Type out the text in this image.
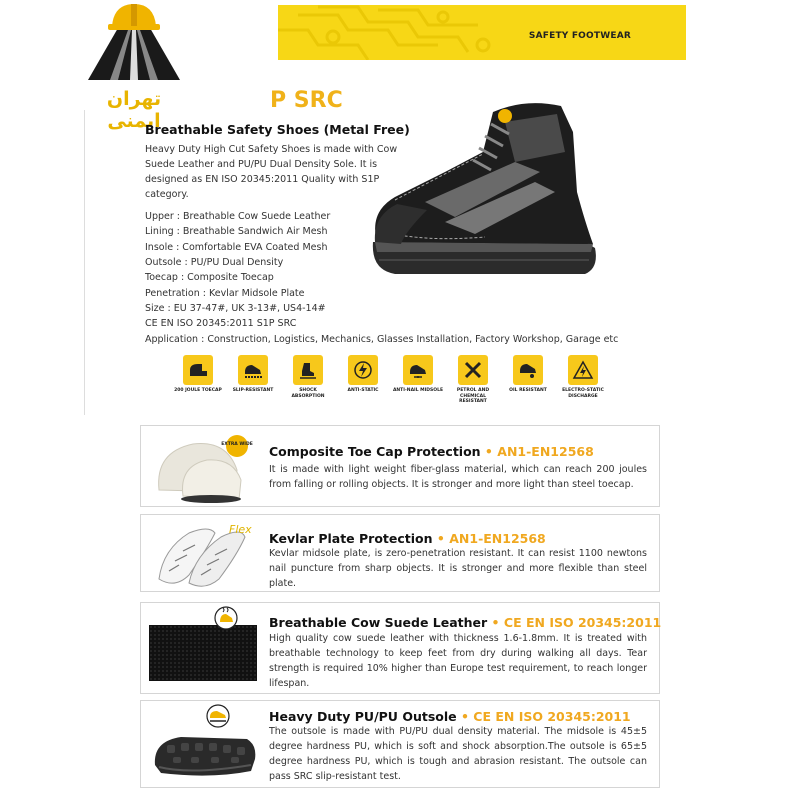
تهران ایمنی
SAFETY FOOTWEAR
P SRC
Breathable Safety Shoes (Metal Free)
Heavy Duty High Cut Safety Shoes is made with Cow Suede Leather and PU/PU Dual Density Sole. It is designed as EN ISO 20345:2011 Quality with S1P category.
Upper : Breathable Cow Suede Leather
Lining : Breathable Sandwich Air Mesh
Insole : Comfortable EVA Coated Mesh
Outsole : PU/PU Dual Density
Toecap : Composite Toecap
Penetration : Kevlar Midsole Plate
Size : EU 37-47#, UK 3-13#, US4-14#
CE EN ISO 20345:2011 S1P SRC
Application : Construction, Logistics, Mechanics, Glasses Installation, Factory Workshop, Garage etc
200 JOULE TOECAP	SLIP-RESISTANT	SHOCK ABSORPTION
ANTI-STATIC	ANTI-NAIL MIDSOLE	PETROL AND CHEMICAL RESISTANT
OIL RESISTANT	ELECTRO-STATIC DISCHARGE
EXTRA WIDE Composite Toe Cap Protection • AN1-EN12568
It is made with light weight fiber-glass material, which can reach 200 joules from falling or rolling objects. It is stronger and more light than steel toecap.
Flex
Kevlar Plate Protection • AN1-EN12568
Kevlar midsole plate, is zero-penetration resistant. It can resist 1100 newtons nail puncture from sharp objects. It is stronger and more flexible than steel plate.
Breathable Cow Suede Leather • CE EN ISO 20345:2011
High quality cow suede leather with thickness 1.6-1.8mm. It is treated with breathable technology to keep feet from dry during walking all days. Tear strength is required 10% higher than Europe test requirement, to reach longer lifespan.
Heavy Duty PU/PU Outsole • CE EN ISO 20345:2011
The outsole is made with PU/PU dual density material. The midsole is 45±5 degree hardness PU, which is soft and shock absorption.The outsole is 65±5 degree hardness PU, which is tough and abrasion resistant. The outsole can pass SRC slip-resistant test.
